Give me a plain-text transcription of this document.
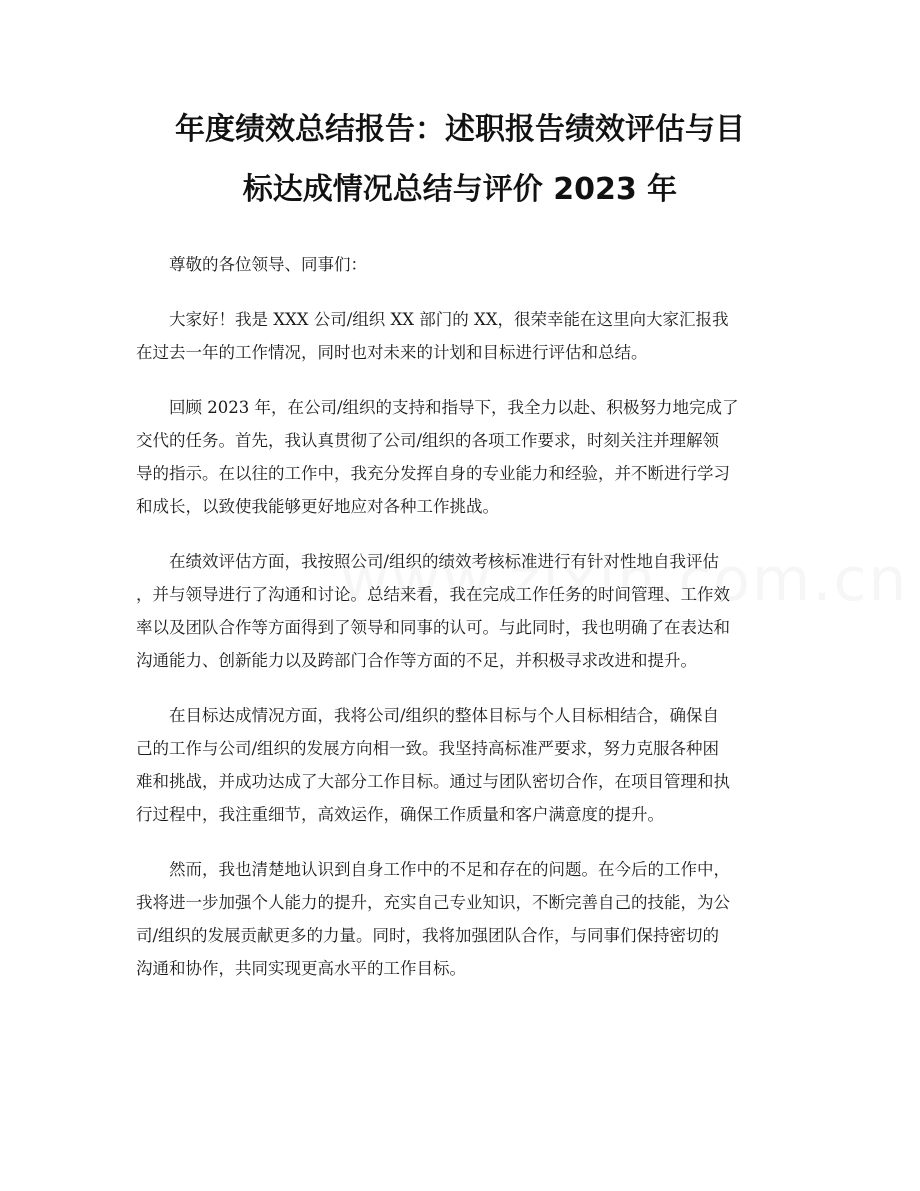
年度绩效总结报告：述职报告绩效评估与目
标达成情况总结与评价 2023 年
尊敬的各位领导、同事们：
大家好！我是 XXX 公司/组织 XX 部门的 XX，很荣幸能在这里向大家汇报我
在过去一年的工作情况，同时也对未来的计划和目标进行评估和总结。
回顾 2023 年，在公司/组织的支持和指导下，我全力以赴、积极努力地完成了
交代的任务。首先，我认真贯彻了公司/组织的各项工作要求，时刻关注并理解领
导的指示。在以往的工作中，我充分发挥自身的专业能力和经验，并不断进行学习
和成长，以致使我能够更好地应对各种工作挑战。
在绩效评估方面，我按照公司/组织的绩效考核标准进行有针对性地自我评估
，并与领导进行了沟通和讨论。总结来看，我在完成工作任务的时间管理、工作效
率以及团队合作等方面得到了领导和同事的认可。与此同时，我也明确了在表达和
沟通能力、创新能力以及跨部门合作等方面的不足，并积极寻求改进和提升。
在目标达成情况方面，我将公司/组织的整体目标与个人目标相结合，确保自
己的工作与公司/组织的发展方向相一致。我坚持高标准严要求，努力克服各种困
难和挑战，并成功达成了大部分工作目标。通过与团队密切合作，在项目管理和执
行过程中，我注重细节，高效运作，确保工作质量和客户满意度的提升。
然而，我也清楚地认识到自身工作中的不足和存在的问题。在今后的工作中，
我将进一步加强个人能力的提升，充实自己专业知识，不断完善自己的技能，为公
司/组织的发展贡献更多的力量。同时，我将加强团队合作，与同事们保持密切的
沟通和协作，共同实现更高水平的工作目标。
